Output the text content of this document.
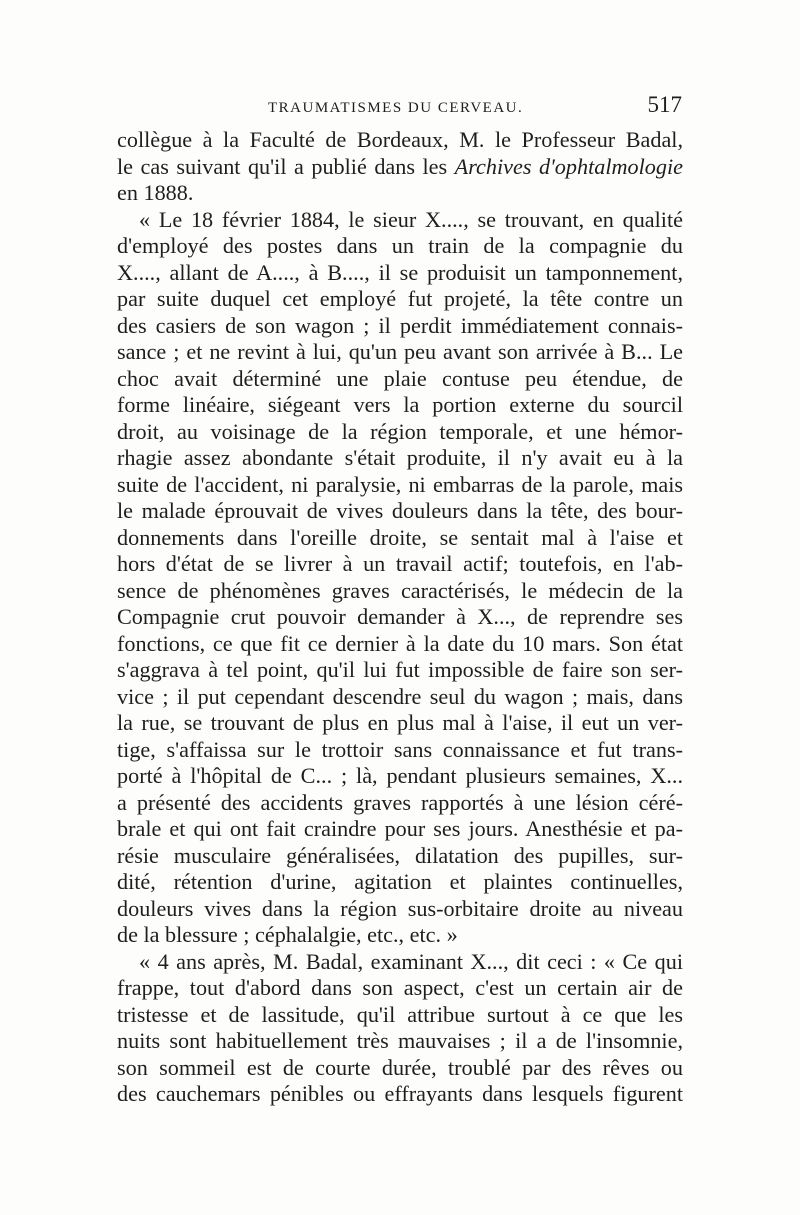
TRAUMATISMES DU CERVEAU.	517
collègue à la Faculté de Bordeaux, M. le Professeur Badal,
le cas suivant qu'il a publié dans les Archives d'ophtalmologie
en 1888.
« Le 18 février 1884, le sieur X...., se trouvant, en qualité
d'employé des postes dans un train de la compagnie du
X...., allant de A...., à B...., il se produisit un tamponnement,
par suite duquel cet employé fut projeté, la tête contre un
des casiers de son wagon ; il perdit immédiatement connais-
sance ; et ne revint à lui, qu'un peu avant son arrivée à B... Le
choc avait déterminé une plaie contuse peu étendue, de
forme linéaire, siégeant vers la portion externe du sourcil
droit, au voisinage de la région temporale, et une hémor-
rhagie assez abondante s'était produite, il n'y avait eu à la
suite de l'accident, ni paralysie, ni embarras de la parole, mais
le malade éprouvait de vives douleurs dans la tête, des bour-
donnements dans l'oreille droite, se sentait mal à l'aise et
hors d'état de se livrer à un travail actif; toutefois, en l'ab-
sence de phénomènes graves caractérisés, le médecin de la
Compagnie crut pouvoir demander à X..., de reprendre ses
fonctions, ce que fit ce dernier à la date du 10 mars. Son état
s'aggrava à tel point, qu'il lui fut impossible de faire son ser-
vice ; il put cependant descendre seul du wagon ; mais, dans
la rue, se trouvant de plus en plus mal à l'aise, il eut un ver-
tige, s'affaissa sur le trottoir sans connaissance et fut trans-
porté à l'hôpital de C... ; là, pendant plusieurs semaines, X...
a présenté des accidents graves rapportés à une lésion céré-
brale et qui ont fait craindre pour ses jours. Anesthésie et pa-
résie musculaire généralisées, dilatation des pupilles, sur-
dité, rétention d'urine, agitation et plaintes continuelles,
douleurs vives dans la région sus-orbitaire droite au niveau
de la blessure ; céphalalgie, etc., etc. »
« 4 ans après, M. Badal, examinant X..., dit ceci : « Ce qui
frappe, tout d'abord dans son aspect, c'est un certain air de
tristesse et de lassitude, qu'il attribue surtout à ce que les
nuits sont habituellement très mauvaises ; il a de l'insomnie,
son sommeil est de courte durée, troublé par des rêves ou
des cauchemars pénibles ou effrayants dans lesquels figurent
